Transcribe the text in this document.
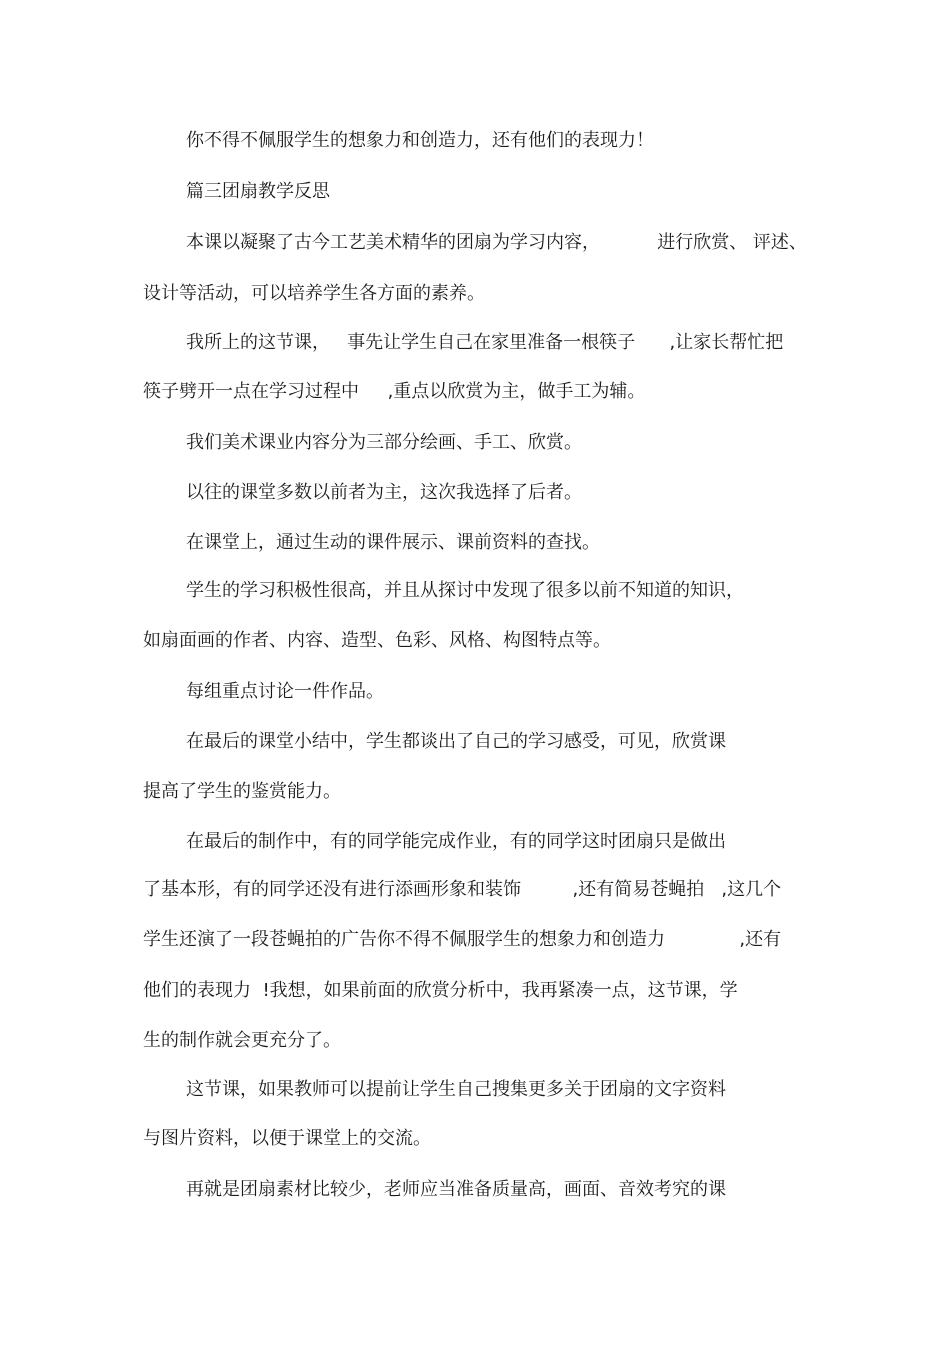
你不得不佩服学生的想象力和创造力，还有他们的表现力！
篇三团扇教学反思
本课以凝聚了古今工艺美术精华的团扇为学习内容，          进行欣赏、 评述、
设计等活动，可以培养学生各方面的素养。
我所上的这节课，   事先让学生自己在家里准备一根筷子      ,让家长帮忙把
筷子劈开一点在学习过程中     ,重点以欣赏为主，做手工为辅。
我们美术课业内容分为三部分绘画、手工、欣赏。
以往的课堂多数以前者为主，这次我选择了后者。
在课堂上，通过生动的课件展示、课前资料的查找。
学生的学习积极性很高，并且从探讨中发现了很多以前不知道的知识，
如扇面画的作者、内容、造型、色彩、风格、构图特点等。
每组重点讨论一件作品。
在最后的课堂小结中，学生都谈出了自己的学习感受，可见，欣赏课
提高了学生的鉴赏能力。
在最后的制作中，有的同学能完成作业，有的同学这时团扇只是做出
了基本形，有的同学还没有进行添画形象和装饰         ,还有简易苍蝇拍   ,这几个
学生还演了一段苍蝇拍的广告你不得不佩服学生的想象力和创造力             ,还有
他们的表现力  !我想，如果前面的欣赏分析中，我再紧凑一点，这节课，学
生的制作就会更充分了。
这节课，如果教师可以提前让学生自己搜集更多关于团扇的文字资料
与图片资料，以便于课堂上的交流。
再就是团扇素材比较少，老师应当准备质量高，画面、音效考究的课
